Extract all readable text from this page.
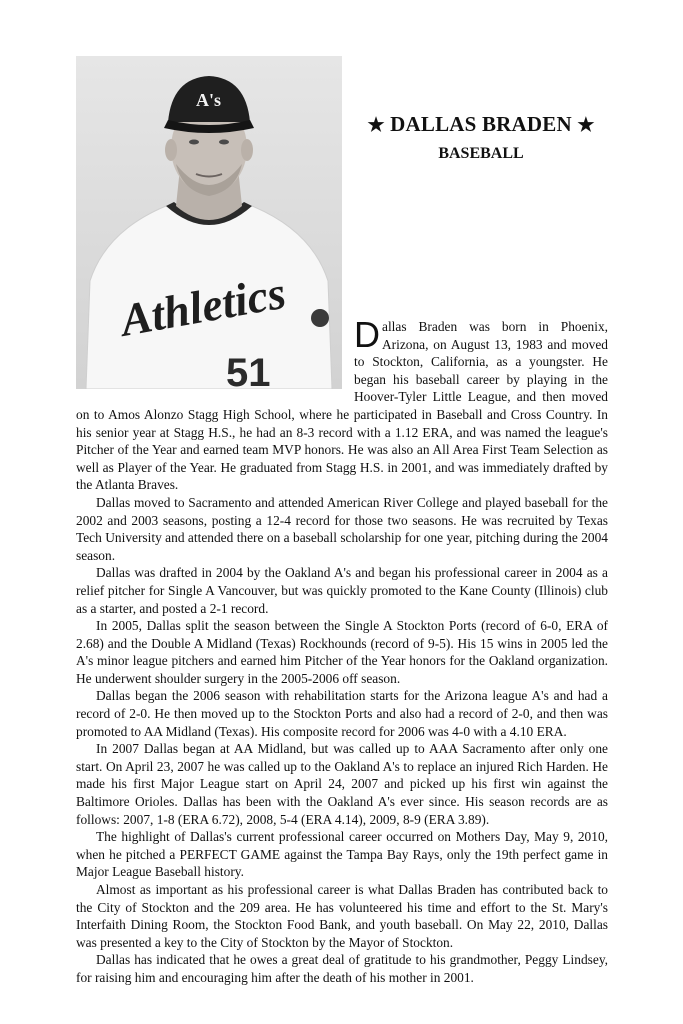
51
Athletics
A's
★ DALLAS BRADEN ★
BASEBALL

Dallas Braden was born in Phoenix, Arizona, on August 13, 1983 and moved to Stockton, California, as a youngster. He began his baseball career by playing in the Hoover-Tyler Little League, and then moved on to Amos Alonzo Stagg High School, where he participated in Baseball and Cross Country. In his senior year at Stagg H.S., he had an 8-3 record with a 1.12 ERA, and was named the league's Pitcher of the Year and earned team MVP honors. He was also an All Area First Team Selection as well as Player of the Year. He graduated from Stagg H.S. in 2001, and was immediately drafted by the Atlanta Braves.

Dallas moved to Sacramento and attended American River College and played baseball for the 2002 and 2003 seasons, posting a 12-4 record for those two seasons. He was recruited by Texas Tech University and attended there on a baseball scholarship for one year, pitching during the 2004 season.

Dallas was drafted in 2004 by the Oakland A's and began his professional career in 2004 as a relief pitcher for Single A Vancouver, but was quickly promoted to the Kane County (Illinois) club as a starter, and posted a 2-1 record.

In 2005, Dallas split the season between the Single A Stockton Ports (record of 6-0, ERA of 2.68) and the Double A Midland (Texas) Rockhounds (record of 9-5). His 15 wins in 2005 led the A's minor league pitchers and earned him Pitcher of the Year honors for the Oakland organization. He underwent shoulder surgery in the 2005-2006 off season.

Dallas began the 2006 season with rehabilitation starts for the Arizona league A's and had a record of 2-0. He then moved up to the Stockton Ports and also had a record of 2-0, and then was promoted to AA Midland (Texas). His composite record for 2006 was 4-0 with a 4.10 ERA.

In 2007 Dallas began at AA Midland, but was called up to AAA Sacramento after only one start. On April 23, 2007 he was called up to the Oakland A's to replace an injured Rich Harden. He made his first Major League start on April 24, 2007 and picked up his first win against the Baltimore Orioles. Dallas has been with the Oakland A's ever since. His season records are as follows: 2007, 1-8 (ERA 6.72), 2008, 5-4 (ERA 4.14), 2009, 8-9 (ERA 3.89).

The highlight of Dallas's current professional career occurred on Mothers Day, May 9, 2010, when he pitched a PERFECT GAME against the Tampa Bay Rays, only the 19th perfect game in Major League Baseball history.

Almost as important as his professional career is what Dallas Braden has contributed back to the City of Stockton and the 209 area. He has volunteered his time and effort to the St. Mary's Interfaith Dining Room, the Stockton Food Bank, and youth baseball. On May 22, 2010, Dallas was presented a key to the City of Stockton by the Mayor of Stockton.

Dallas has indicated that he owes a great deal of gratitude to his grandmother, Peggy Lindsey, for raising him and encouraging him after the death of his mother in 2001.
